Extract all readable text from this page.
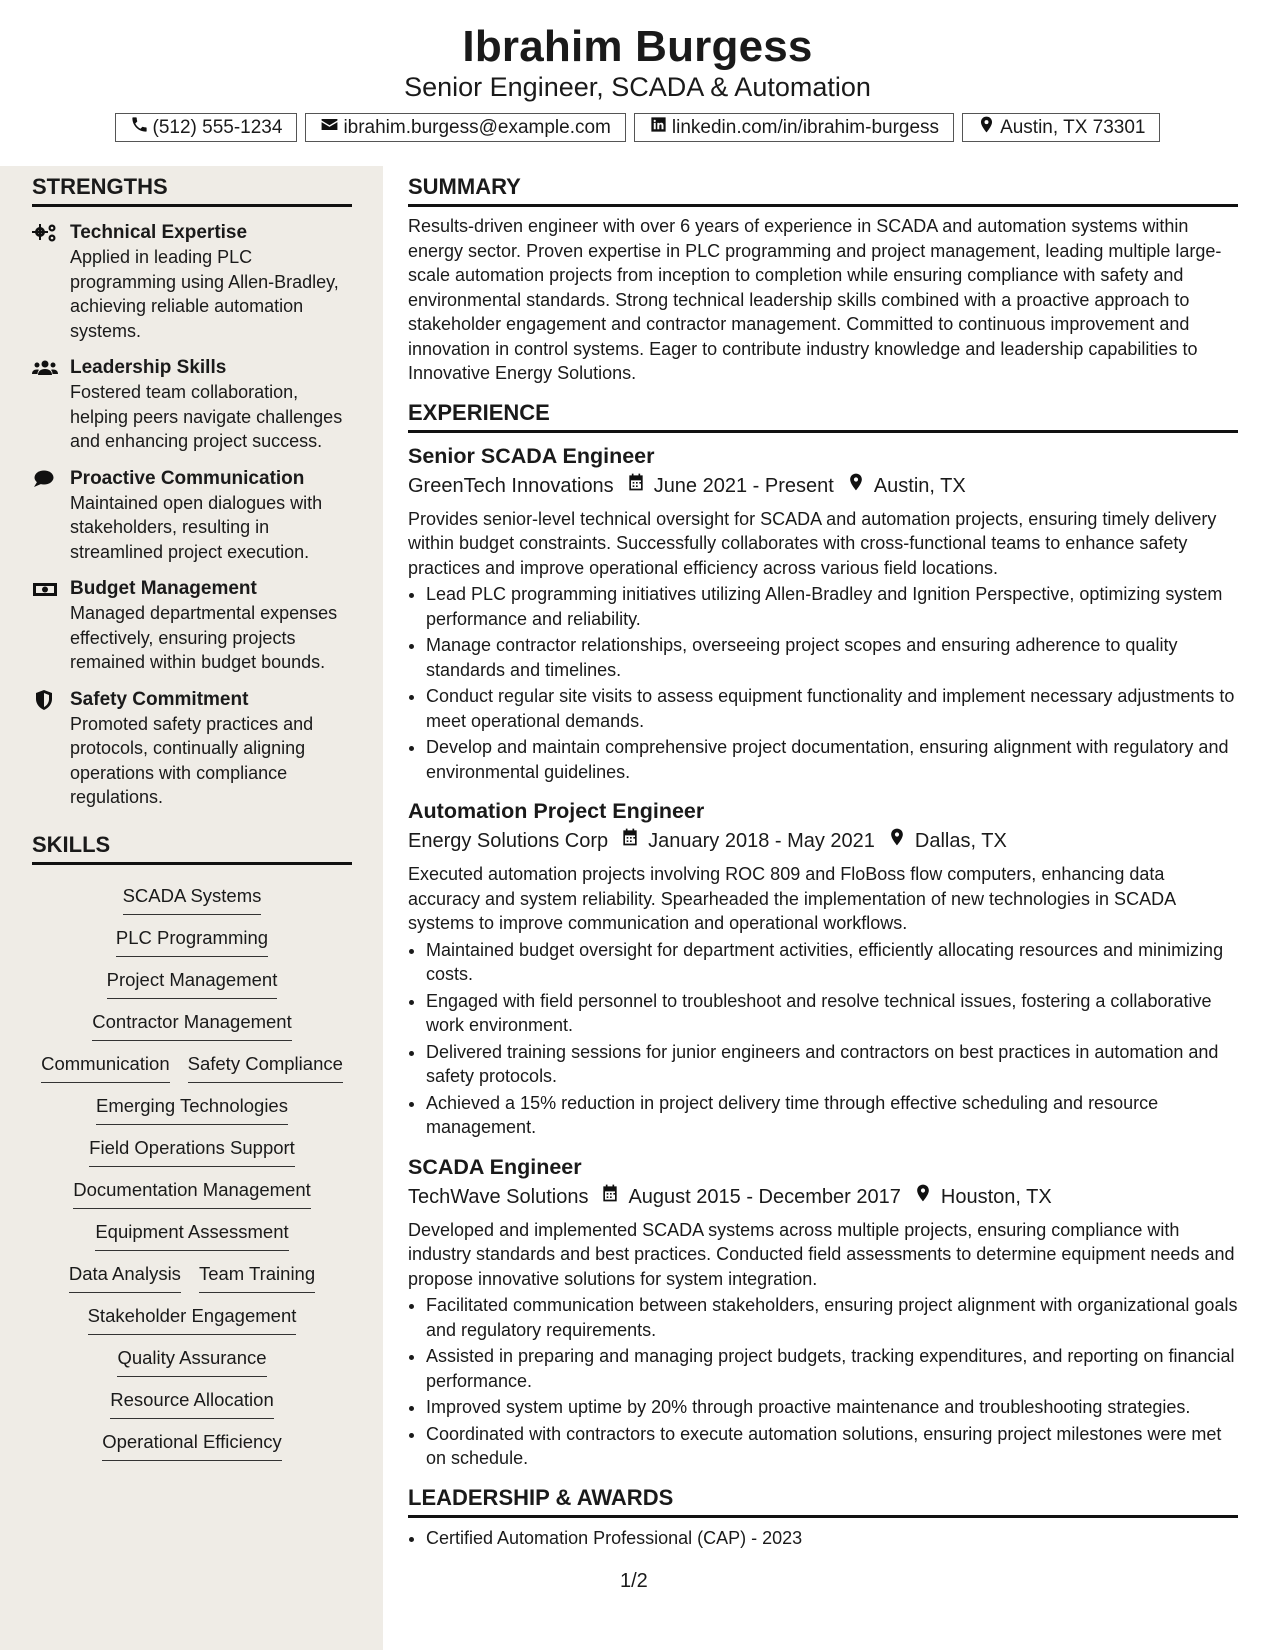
Ibrahim Burgess
Senior Engineer, SCADA & Automation
(512) 555-1234	ibrahim.burgess@example.com	linkedin.com/in/ibrahim-burgess	Austin, TX 73301
STRENGTHS
Technical Expertise
Applied in leading PLC programming using Allen-Bradley, achieving reliable automation systems.
Leadership Skills
Fostered team collaboration, helping peers navigate challenges and enhancing project success.
Proactive Communication
Maintained open dialogues with stakeholders, resulting in streamlined project execution.
Budget Management
Managed departmental expenses effectively, ensuring projects remained within budget bounds.
Safety Commitment
Promoted safety practices and protocols, continually aligning operations with compliance regulations.
SKILLS
SCADA Systems
PLC Programming
Project Management
Contractor Management
Communication Safety Compliance
Emerging Technologies
Field Operations Support
Documentation Management
Equipment Assessment
Data Analysis Team Training
Stakeholder Engagement
Quality Assurance
Resource Allocation
Operational Efficiency
SUMMARY
Results-driven engineer with over 6 years of experience in SCADA and automation systems within energy sector. Proven expertise in PLC programming and project management, leading multiple large-scale automation projects from inception to completion while ensuring compliance with safety and environmental standards. Strong technical leadership skills combined with a proactive approach to stakeholder engagement and contractor management. Committed to continuous improvement and innovation in control systems. Eager to contribute industry knowledge and leadership capabilities to Innovative Energy Solutions.
EXPERIENCE
Senior SCADA Engineer
GreenTech Innovations June 2021 - Present Austin, TX
Provides senior-level technical oversight for SCADA and automation projects, ensuring timely delivery within budget constraints. Successfully collaborates with cross-functional teams to enhance safety practices and improve operational efficiency across various field locations.
• Lead PLC programming initiatives utilizing Allen-Bradley and Ignition Perspective, optimizing system performance and reliability.
• Manage contractor relationships, overseeing project scopes and ensuring adherence to quality standards and timelines.
• Conduct regular site visits to assess equipment functionality and implement necessary adjustments to meet operational demands.
• Develop and maintain comprehensive project documentation, ensuring alignment with regulatory and environmental guidelines.
Automation Project Engineer
Energy Solutions Corp January 2018 - May 2021 Dallas, TX
Executed automation projects involving ROC 809 and FloBoss flow computers, enhancing data accuracy and system reliability. Spearheaded the implementation of new technologies in SCADA systems to improve communication and operational workflows.
• Maintained budget oversight for department activities, efficiently allocating resources and minimizing costs.
• Engaged with field personnel to troubleshoot and resolve technical issues, fostering a collaborative work environment.
• Delivered training sessions for junior engineers and contractors on best practices in automation and safety protocols.
• Achieved a 15% reduction in project delivery time through effective scheduling and resource management.
SCADA Engineer
TechWave Solutions August 2015 - December 2017 Houston, TX
Developed and implemented SCADA systems across multiple projects, ensuring compliance with industry standards and best practices. Conducted field assessments to determine equipment needs and propose innovative solutions for system integration.
• Facilitated communication between stakeholders, ensuring project alignment with organizational goals and regulatory requirements.
• Assisted in preparing and managing project budgets, tracking expenditures, and reporting on financial performance.
• Improved system uptime by 20% through proactive maintenance and troubleshooting strategies.
• Coordinated with contractors to execute automation solutions, ensuring project milestones were met on schedule.
LEADERSHIP & AWARDS
• Certified Automation Professional (CAP) - 2023
1/2
